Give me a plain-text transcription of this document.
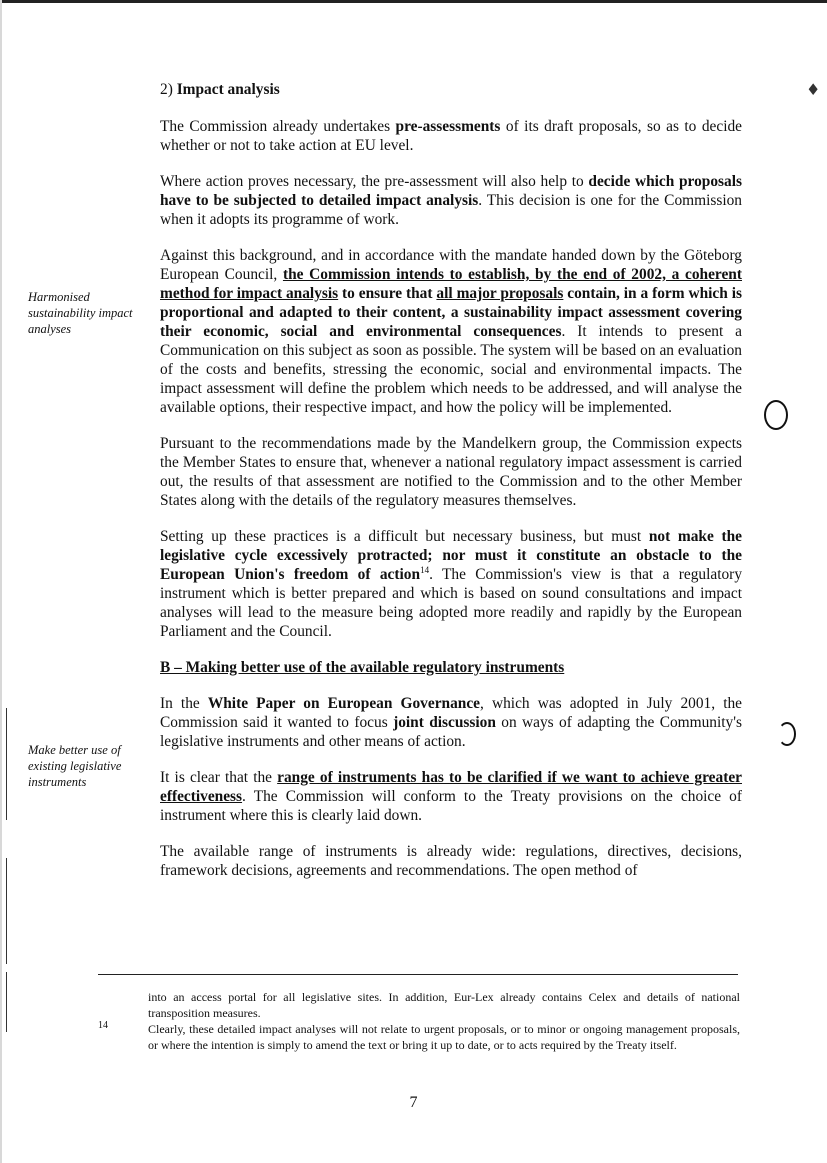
Harmonised sustainability impact analyses
Make better use of existing legislative instruments
♦
2) Impact analysis

The Commission already undertakes pre-assessments of its draft proposals, so as to decide whether or not to take action at EU level.

Where action proves necessary, the pre-assessment will also help to decide which proposals have to be subjected to detailed impact analysis. This decision is one for the Commission when it adopts its programme of work.

Against this background, and in accordance with the mandate handed down by the Göteborg European Council, the Commission intends to establish, by the end of 2002, a coherent method for impact analysis to ensure that all major proposals contain, in a form which is proportional and adapted to their content, a sustainability impact assessment covering their economic, social and environmental consequences. It intends to present a Communication on this subject as soon as possible. The system will be based on an evaluation of the costs and benefits, stressing the economic, social and environmental impacts. The impact assessment will define the problem which needs to be addressed, and will analyse the available options, their respective impact, and how the policy will be implemented.

Pursuant to the recommendations made by the Mandelkern group, the Commission expects the Member States to ensure that, whenever a national regulatory impact assessment is carried out, the results of that assessment are notified to the Commission and to the other Member States along with the details of the regulatory measures themselves.

Setting up these practices is a difficult but necessary business, but must not make the legislative cycle excessively protracted; nor must it constitute an obstacle to the European Union's freedom of action$^{14}$. The Commission's view is that a regulatory instrument which is better prepared and which is based on sound consultations and impact analyses will lead to the measure being adopted more readily and rapidly by the European Parliament and the Council.

B – Making better use of the available regulatory instruments

In the White Paper on European Governance, which was adopted in July 2001, the Commission said it wanted to focus joint discussion on ways of adapting the Community's legislative instruments and other means of action.

It is clear that the range of instruments has to be clarified if we want to achieve greater effectiveness. The Commission will conform to the Treaty provisions on the choice of instrument where this is clearly laid down.

The available range of instruments is already wide: regulations, directives, decisions, framework decisions, agreements and recommendations. The open method of

into an access portal for all legislative sites. In addition, Eur-Lex already contains Celex and details of national transposition measures.
14	Clearly, these detailed impact analyses will not relate to urgent proposals, or to minor or ongoing management proposals, or where the intention is simply to amend the text or bring it up to date, or to acts required by the Treaty itself.
7
